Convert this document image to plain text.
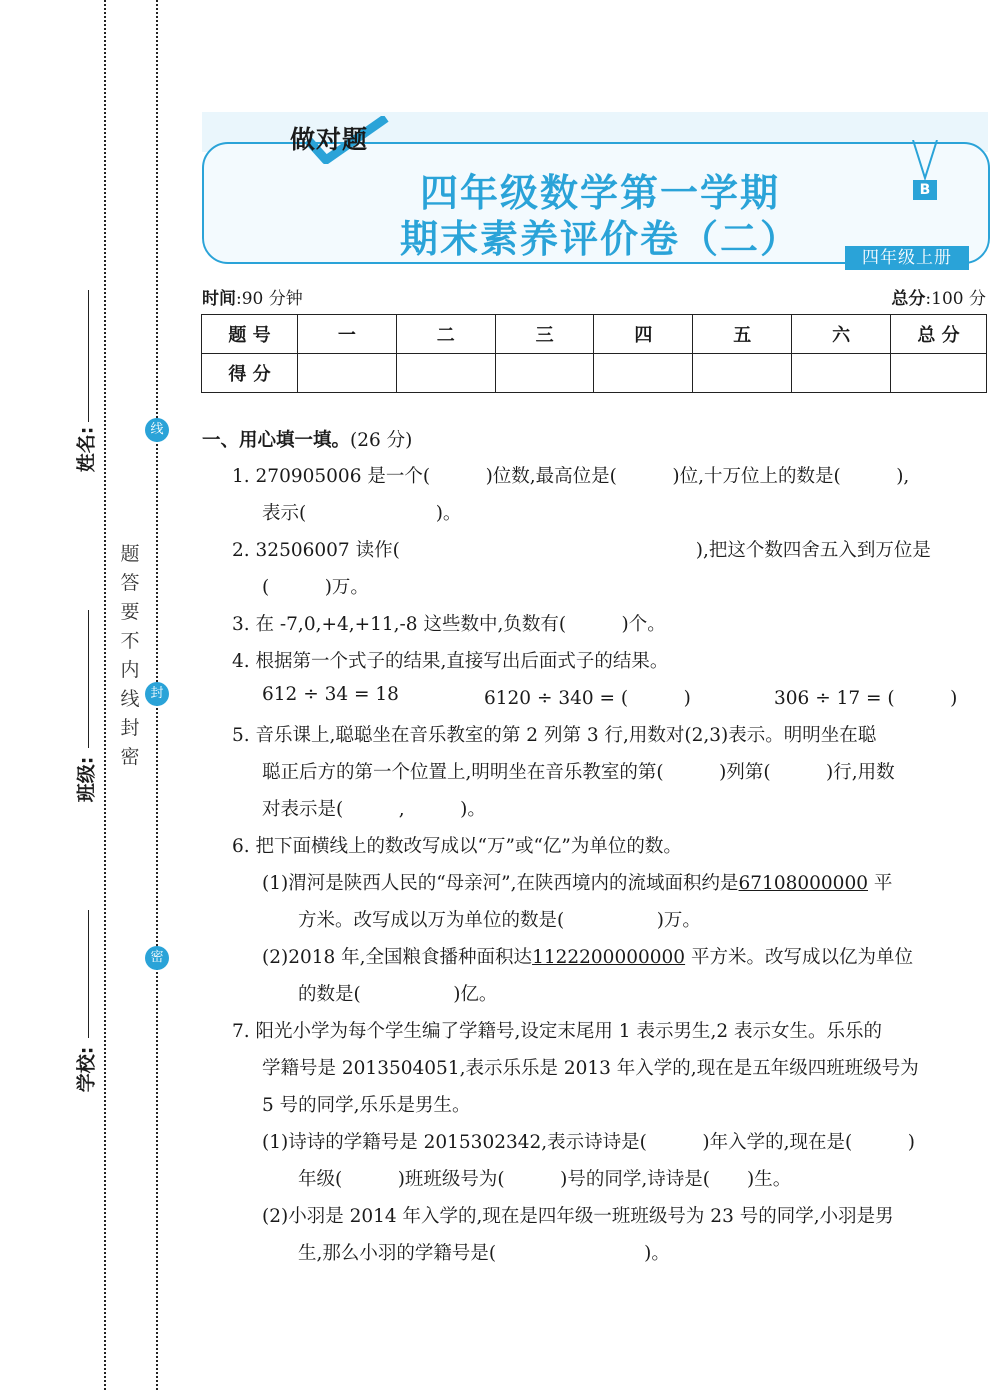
姓名:
班级:
学校:
线
封
密
题
答
要
不
内
线
封
密
做对题
四年级数学第一学期
期末素养评价卷（二）
B
四年级上册
时间:90 分钟	总分:100 分
题 号	一	二	三	四	五	六	总 分
得 分							
一、用心填一填。(26 分)
1. 270905006 是一个(　　　)位数,最高位是(　　　)位,十万位上的数是(　　　),
表示(　　　　　　　)。
2. 32506007 读作(　　　　　　　　　　　　　　　　),把这个数四舍五入到万位是
(　　　)万。
3. 在 -7,0,+4,+11,-8 这些数中,负数有(　　　)个。
4. 根据第一个式子的结果,直接写出后面式子的结果。
612 ÷ 34 = 18	6120 ÷ 340 = (　　　)	306 ÷ 17 = (　　　)
5. 音乐课上,聪聪坐在音乐教室的第 2 列第 3 行,用数对(2,3)表示。明明坐在聪
聪正后方的第一个位置上,明明坐在音乐教室的第(　　　)列第(　　　)行,用数
对表示是(　　　,　　　)。
6. 把下面横线上的数改写成以“万”或“亿”为单位的数。
(1)渭河是陕西人民的“母亲河”,在陕西境内的流域面积约是67108000000 平
方米。改写成以万为单位的数是(　　　　　)万。
(2)2018 年,全国粮食播种面积达1122200000000 平方米。改写成以亿为单位
的数是(　　　　　)亿。
7. 阳光小学为每个学生编了学籍号,设定末尾用 1 表示男生,2 表示女生。乐乐的
学籍号是 2013504051,表示乐乐是 2013 年入学的,现在是五年级四班班级号为
5 号的同学,乐乐是男生。
(1)诗诗的学籍号是 2015302342,表示诗诗是(　　　)年入学的,现在是(　　　)
年级(　　　)班班级号为(　　　)号的同学,诗诗是(　　)生。
(2)小羽是 2014 年入学的,现在是四年级一班班级号为 23 号的同学,小羽是男
生,那么小羽的学籍号是(　　　　　　　　)。
